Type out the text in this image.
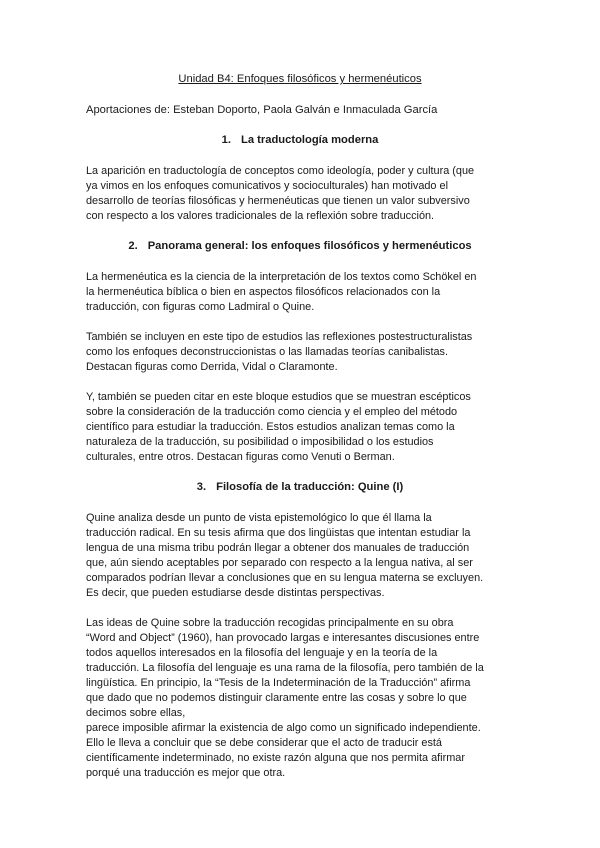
Unidad B4: Enfoques filosóficos y hermenéuticos
Aportaciones de: Esteban Doporto, Paola Galván e Inmaculada García
1. La traductología moderna
La aparición en traductología de conceptos como ideología, poder y cultura (que
ya vimos en los enfoques comunicativos y socioculturales) han motivado el
desarrollo de teorías filosóficas y hermenéuticas que tienen un valor subversivo
con respecto a los valores tradicionales de la reflexión sobre traducción.
2. Panorama general: los enfoques filosóficos y hermenéuticos
La hermenéutica es la ciencia de la interpretación de los textos como Schökel en
la hermenéutica bíblica o bien en aspectos filosóficos relacionados con la
traducción, con figuras como Ladmiral o Quine.
También se incluyen en este tipo de estudios las reflexiones postestructuralistas
como los enfoques deconstruccionistas o las llamadas teorías canibalistas.
Destacan figuras como Derrida, Vidal o Claramonte.
Y, también se pueden citar en este bloque estudios que se muestran escépticos
sobre la consideración de la traducción como ciencia y el empleo del método
científico para estudiar la traducción. Estos estudios analizan temas como la
naturaleza de la traducción, su posibilidad o imposibilidad o los estudios
culturales, entre otros. Destacan figuras como Venuti o Berman.
3. Filosofía de la traducción: Quine (I)
Quine analiza desde un punto de vista epistemológico lo que él llama la
traducción radical. En su tesis afirma que dos lingüistas que intentan estudiar la
lengua de una misma tribu podrán llegar a obtener dos manuales de traducción
que, aún siendo aceptables por separado con respecto a la lengua nativa, al ser
comparados podrían llevar a conclusiones que en su lengua materna se excluyen.
Es decir, que pueden estudiarse desde distintas perspectivas.
Las ideas de Quine sobre la traducción recogidas principalmente en su obra
“Word and Object” (1960), han provocado largas e interesantes discusiones entre
todos aquellos interesados en la filosofía del lenguaje y en la teoría de la
traducción. La filosofía del lenguaje es una rama de la filosofía, pero también de la
lingüística. En principio, la “Tesis de la Indeterminación de la Traducción” afirma
que dado que no podemos distinguir claramente entre las cosas y sobre lo que
decimos sobre ellas,
parece imposible afirmar la existencia de algo como un significado independiente.
Ello le lleva a concluir que se debe considerar que el acto de traducir está
científicamente indeterminado, no existe razón alguna que nos permita afirmar
porqué una traducción es mejor que otra.
